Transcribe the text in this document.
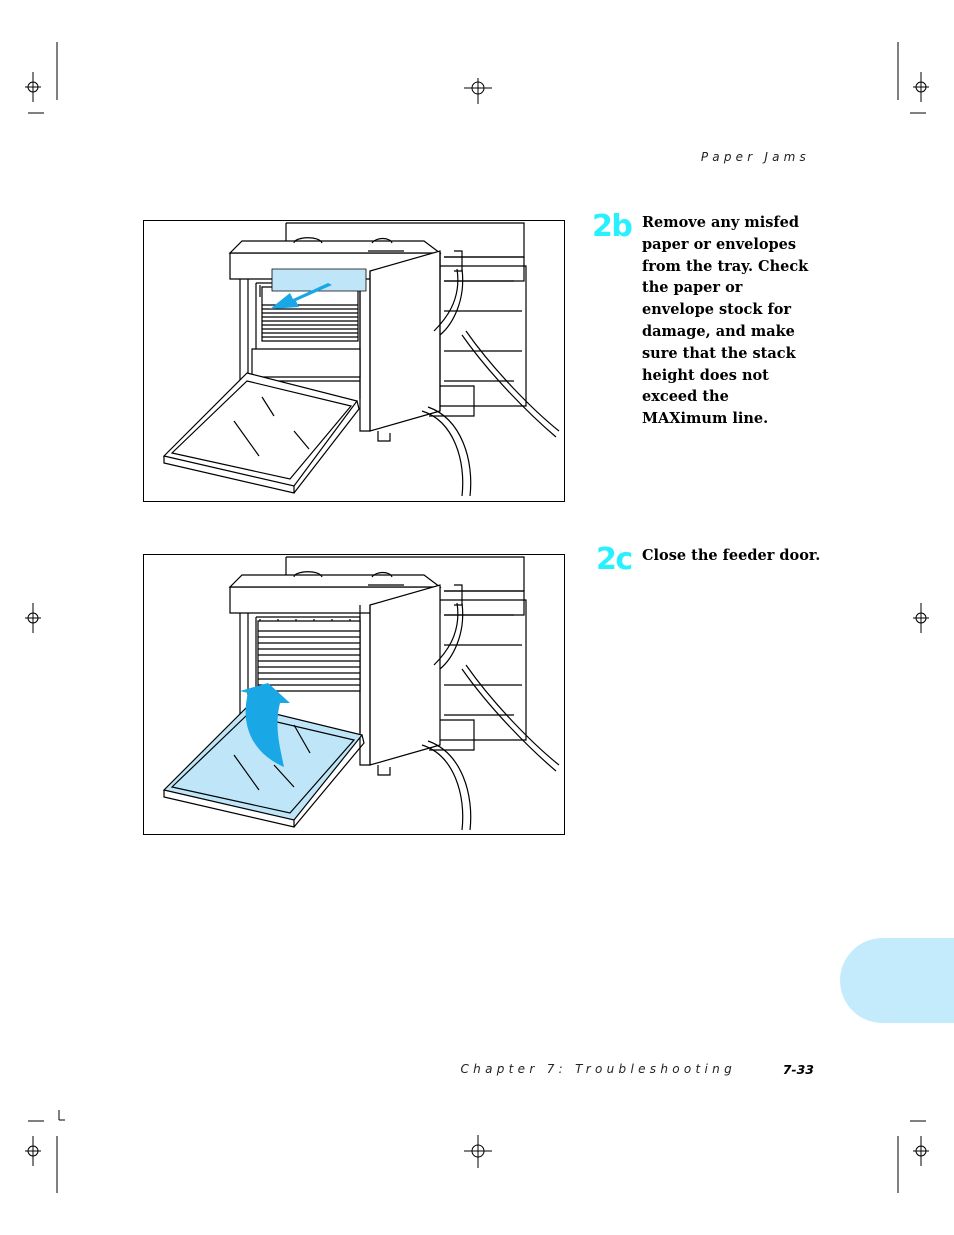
Paper Jams
2b Remove any misfed paper or envelopes from the tray. Check the paper or envelope stock for damage, and make sure that the stack height does not exceed the MAXimum line.
2c Close the feeder door.
Chapter 7: Troubleshooting	7-33
